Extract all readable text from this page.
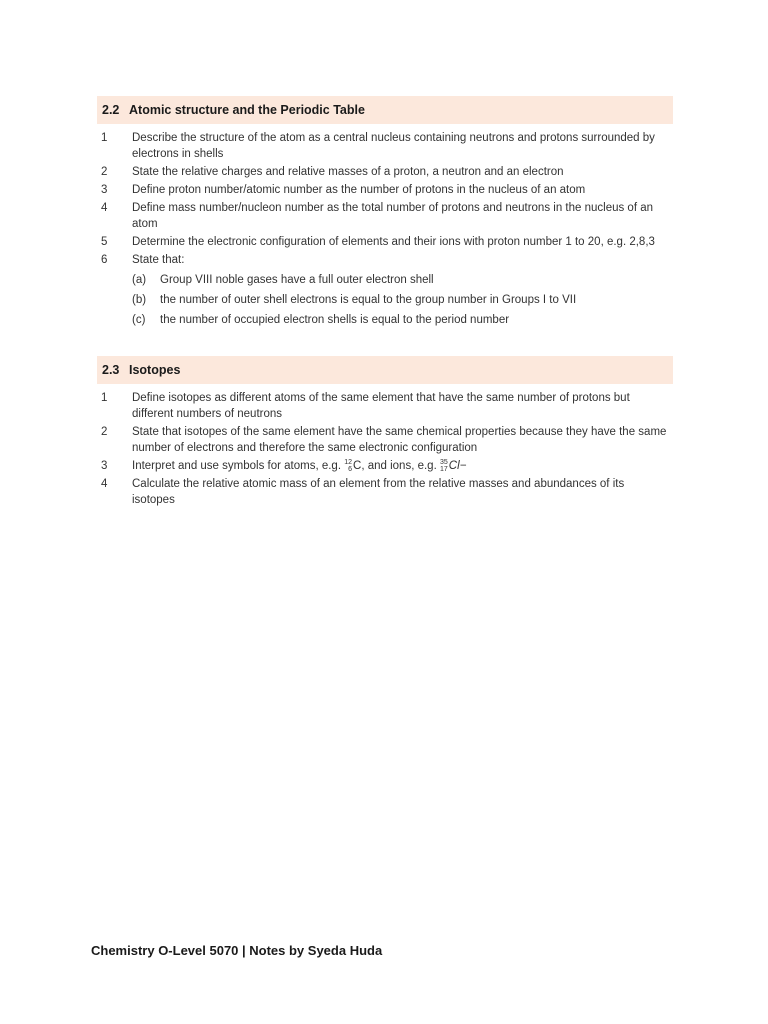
2.2 Atomic structure and the Periodic Table
1	Describe the structure of the atom as a central nucleus containing neutrons and protons surrounded by electrons in shells
2	State the relative charges and relative masses of a proton, a neutron and an electron
3	Define proton number/atomic number as the number of protons in the nucleus of an atom
4	Define mass number/nucleon number as the total number of protons and neutrons in the nucleus of an atom
5	Determine the electronic configuration of elements and their ions with proton number 1 to 20, e.g. 2,8,3
6	State that:
(a)	Group VIII noble gases have a full outer electron shell
(b)	the number of outer shell electrons is equal to the group number in Groups I to VII
(c)	the number of occupied electron shells is equal to the period number
2.3 Isotopes
1	Define isotopes as different atoms of the same element that have the same number of protons but different numbers of neutrons
2	State that isotopes of the same element have the same chemical properties because they have the same number of electrons and therefore the same electronic configuration
3	Interpret and use symbols for atoms, e.g. 12
6 C, and ions, e.g. 35
17 Cl−
4	Calculate the relative atomic mass of an element from the relative masses and abundances of its isotopes
Chemistry O-Level 5070 | Notes by Syeda Huda
